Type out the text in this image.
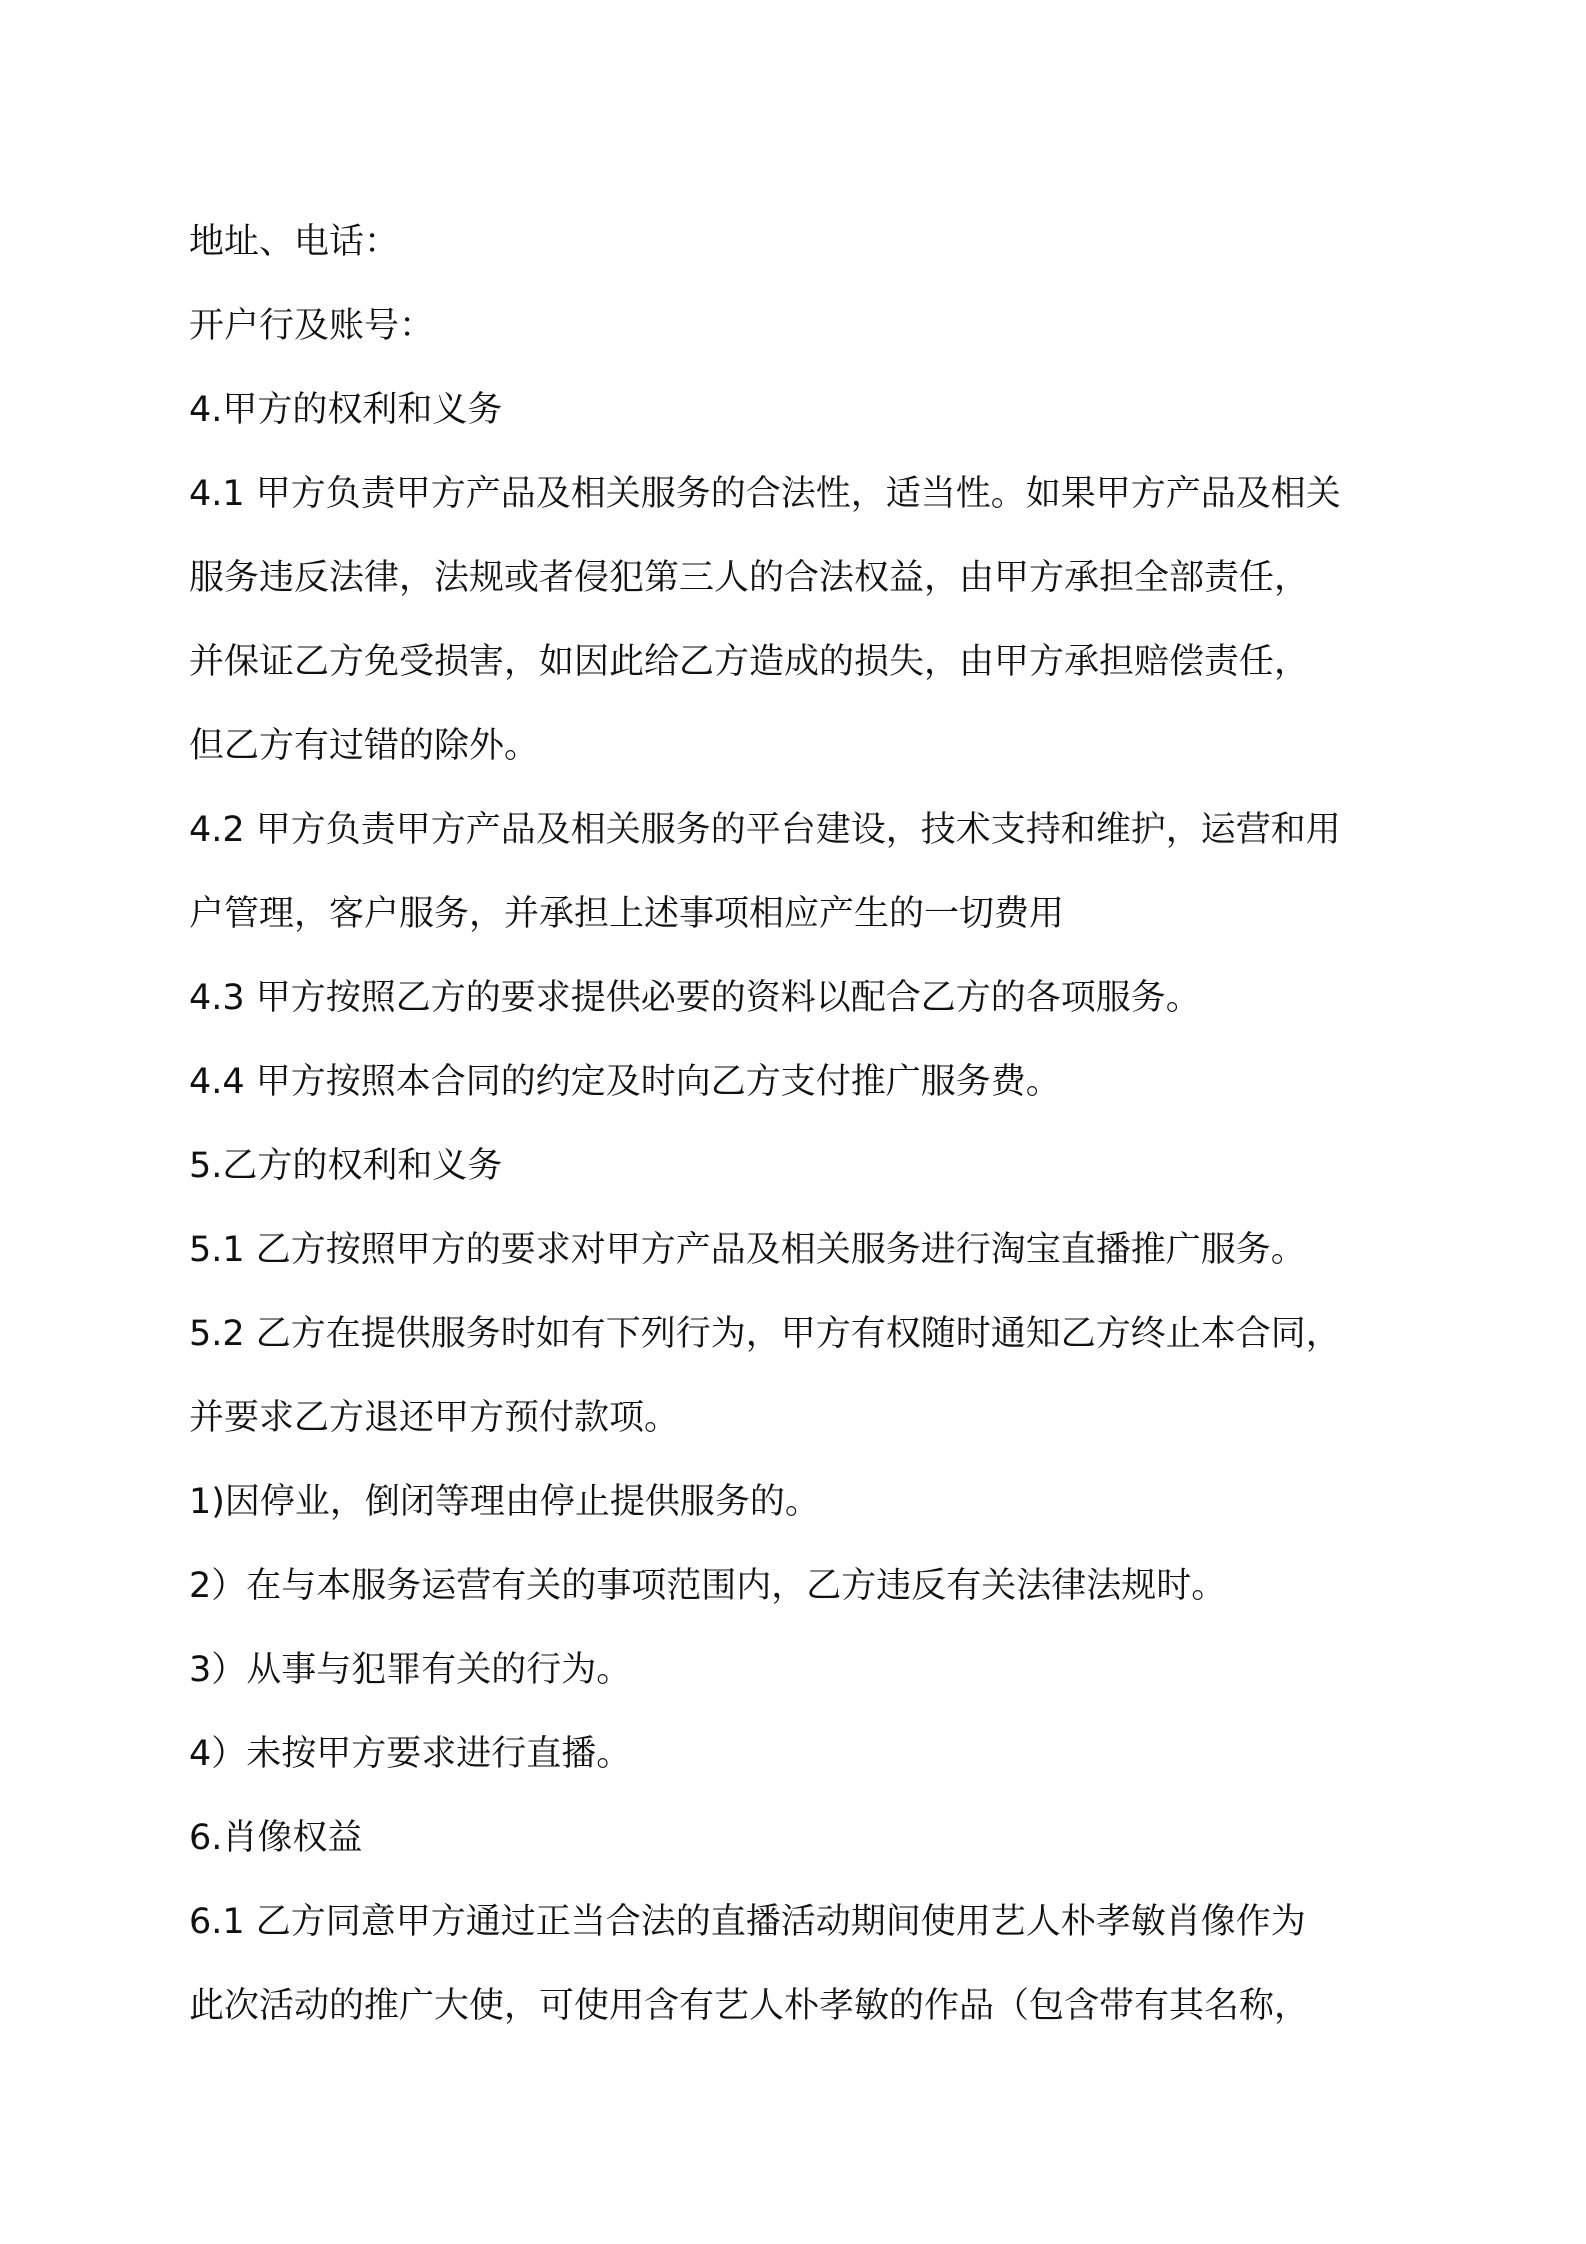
地址、电话：
开户行及账号：
4.甲方的权利和义务
4.1 甲方负责甲方产品及相关服务的合法性，适当性。如果甲方产品及相关
服务违反法律，法规或者侵犯第三人的合法权益，由甲方承担全部责任，
并保证乙方免受损害，如因此给乙方造成的损失，由甲方承担赔偿责任，
但乙方有过错的除外。
4.2 甲方负责甲方产品及相关服务的平台建设，技术支持和维护，运营和用
户管理，客户服务，并承担上述事项相应产生的一切费用
4.3 甲方按照乙方的要求提供必要的资料以配合乙方的各项服务。
4.4 甲方按照本合同的约定及时向乙方支付推广服务费。
5.乙方的权利和义务
5.1 乙方按照甲方的要求对甲方产品及相关服务进行淘宝直播推广服务。
5.2 乙方在提供服务时如有下列行为，甲方有权随时通知乙方终止本合同，
并要求乙方退还甲方预付款项。
1)因停业，倒闭等理由停止提供服务的。
2）在与本服务运营有关的事项范围内，乙方违反有关法律法规时。
3）从事与犯罪有关的行为。
4）未按甲方要求进行直播。
6.肖像权益
6.1 乙方同意甲方通过正当合法的直播活动期间使用艺人朴孝敏肖像作为
此次活动的推广大使，可使用含有艺人朴孝敏的作品（包含带有其名称，
